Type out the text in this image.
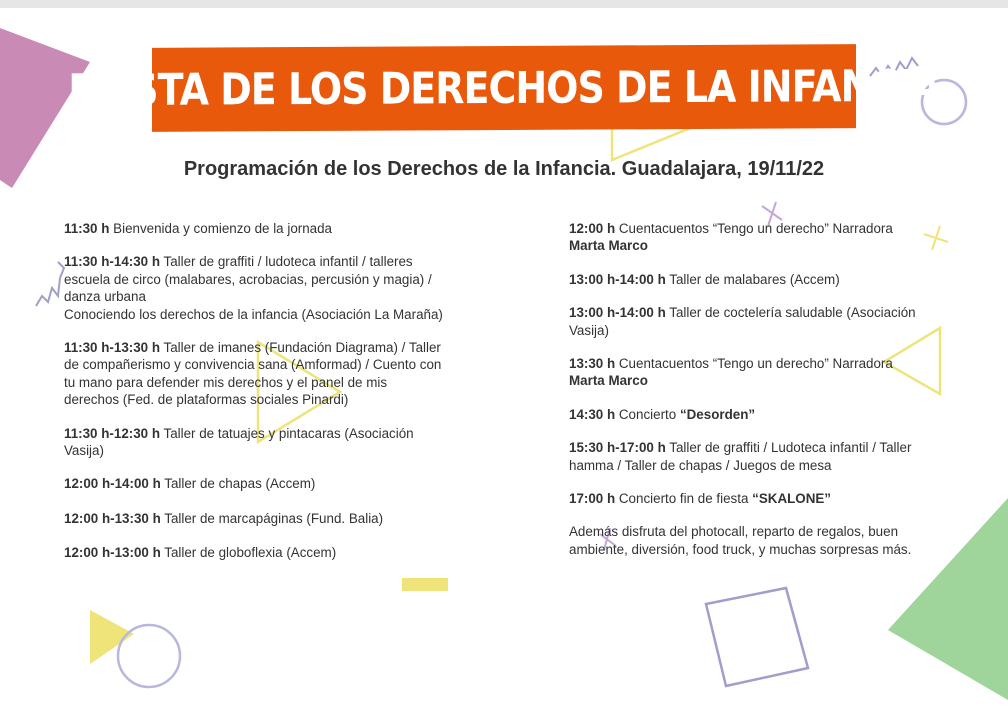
FIESTA DE LOS DERECHOS DE LA INFANCIA
Programación de los Derechos de la Infancia. Guadalajara, 19/11/22
11:30 h Bienvenida y comienzo de la jornada
11:30 h-14:30 h Taller de graffiti / ludoteca infantil / talleres escuela de circo (malabares, acrobacias, percusión y magia) / danza urbana
Conociendo los derechos de la infancia (Asociación La Maraña)
11:30 h-13:30 h Taller de imanes (Fundación Diagrama) / Taller de compañerismo y convivencia sana (Amformad) / Cuento con tu mano para defender mis derechos y el panel de mis derechos (Fed. de plataformas sociales Pinardi)
11:30 h-12:30 h Taller de tatuajes y pintacaras (Asociación Vasija)
12:00 h-14:00 h Taller de chapas (Accem)
12:00 h-13:30 h Taller de marcapáginas (Fund. Balia)
12:00 h-13:00 h Taller de globoflexia (Accem)
12:00 h Cuentacuentos “Tengo un derecho” Narradora
Marta Marco
13:00 h-14:00 h Taller de malabares (Accem)
13:00 h-14:00 h Taller de coctelería saludable (Asociación Vasija)
13:30 h Cuentacuentos “Tengo un derecho” Narradora
Marta Marco
14:30 h Concierto “Desorden”
15:30 h-17:00 h Taller de graffiti / Ludoteca infantil / Taller hamma / Taller de chapas / Juegos de mesa
17:00 h Concierto fin de fiesta “SKALONE”
Además disfruta del photocall, reparto de regalos, buen ambiente, diversión, food truck, y muchas sorpresas más.
